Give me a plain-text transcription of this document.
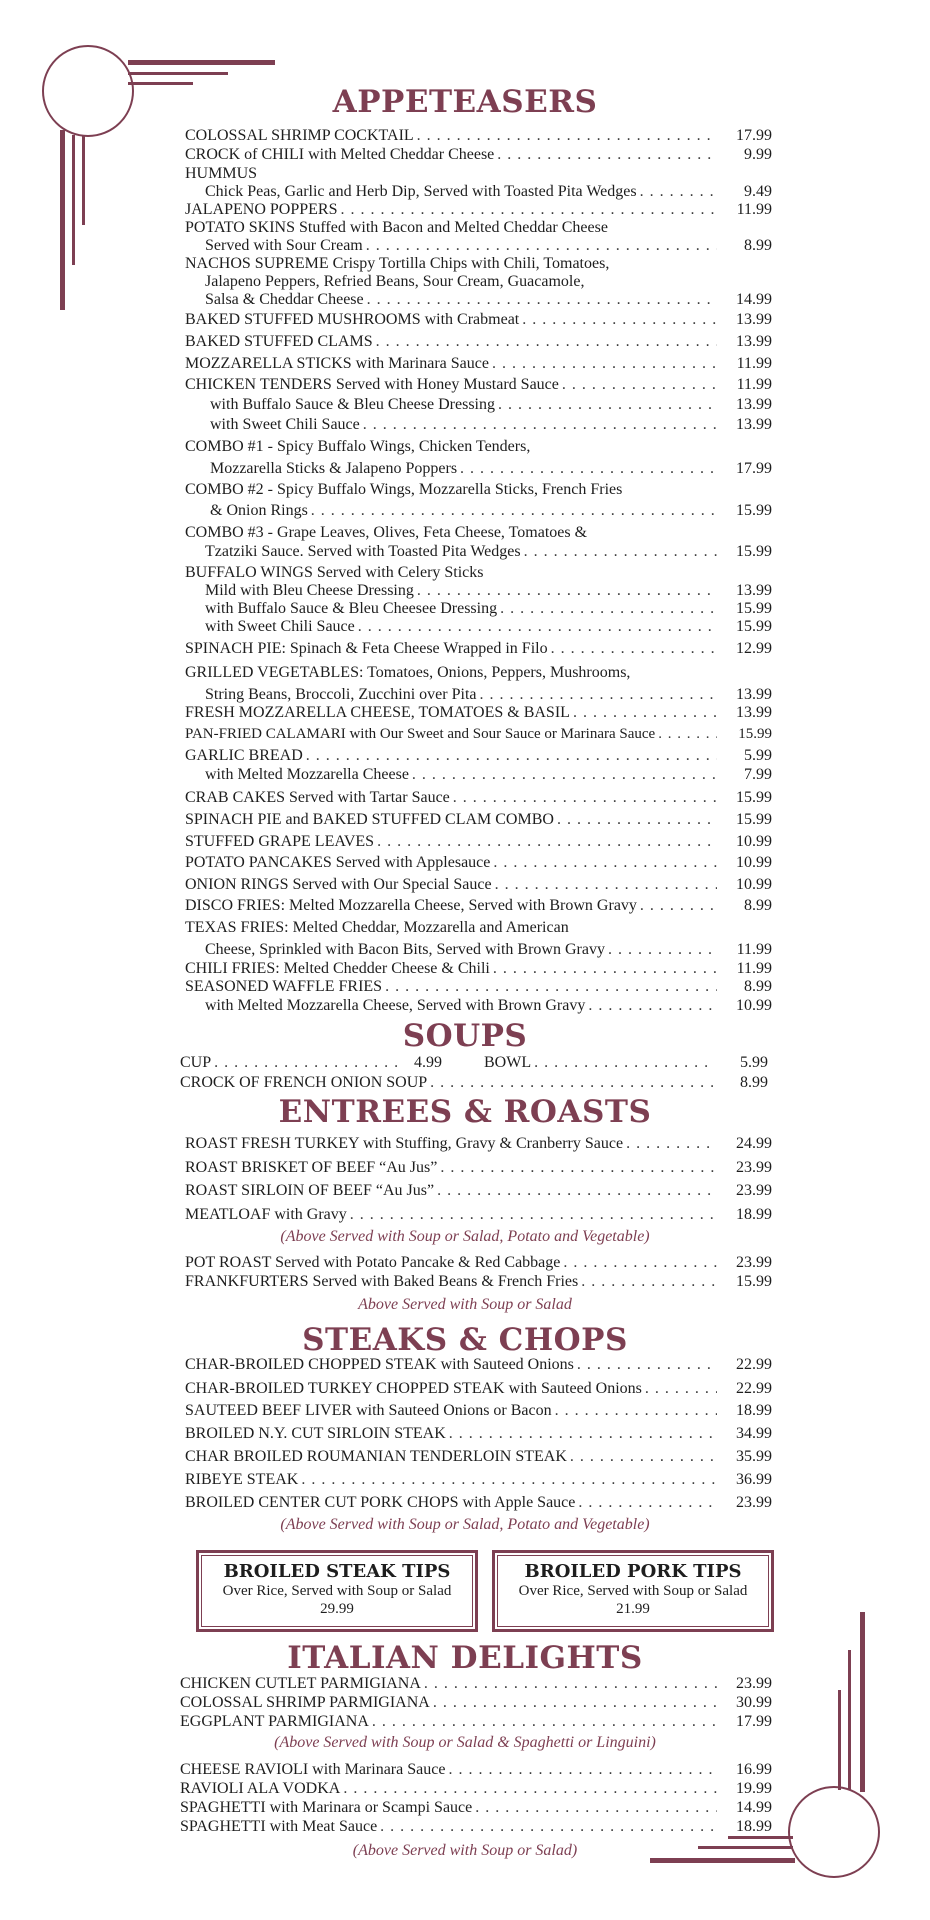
APPETEASERS
COLOSSAL SHRIMP COCKTAIL . . .	17.99
CROCK of CHILI with Melted Cheddar Cheese . . .	9.99
HUMMUS
Chick Peas, Garlic and Herb Dip, Served with Toasted Pita Wedges . . .	9.49
JALAPENO POPPERS . . .	11.99
POTATO SKINS Stuffed with Bacon and Melted Cheddar Cheese
Served with Sour Cream . . .	8.99
NACHOS SUPREME Crispy Tortilla Chips with Chili, Tomatoes,
Jalapeno Peppers, Refried Beans, Sour Cream, Guacamole,
Salsa & Cheddar Cheese . . .	14.99
BAKED STUFFED MUSHROOMS with Crabmeat . . .	13.99
BAKED STUFFED CLAMS . . .	13.99
MOZZARELLA STICKS with Marinara Sauce . . .	11.99
CHICKEN TENDERS Served with Honey Mustard Sauce . . .	11.99
with Buffalo Sauce & Bleu Cheese Dressing . . .	13.99
with Sweet Chili Sauce . . .	13.99
COMBO #1 - Spicy Buffalo Wings, Chicken Tenders,
Mozzarella Sticks & Jalapeno Poppers . . .	17.99
COMBO #2 - Spicy Buffalo Wings, Mozzarella Sticks, French Fries
& Onion Rings . . .	15.99
COMBO #3 - Grape Leaves, Olives, Feta Cheese, Tomatoes &
Tzatziki Sauce. Served with Toasted Pita Wedges . . .	15.99
BUFFALO WINGS Served with Celery Sticks
Mild with Bleu Cheese Dressing . . .	13.99
with Buffalo Sauce & Bleu Cheesee Dressing . . .	15.99
with Sweet Chili Sauce . . .	15.99
SPINACH PIE: Spinach & Feta Cheese Wrapped in Filo . . .	12.99
GRILLED VEGETABLES: Tomatoes, Onions, Peppers, Mushrooms,
String Beans, Broccoli, Zucchini over Pita . . .	13.99
FRESH MOZZARELLA CHEESE, TOMATOES & BASIL . . .	13.99
PAN-FRIED CALAMARI with Our Sweet and Sour Sauce or Marinara Sauce . . .	15.99
GARLIC BREAD . . .	5.99
with Melted Mozzarella Cheese . . .	7.99
CRAB CAKES Served with Tartar Sauce . . .	15.99
SPINACH PIE and BAKED STUFFED CLAM COMBO . . .	15.99
STUFFED GRAPE LEAVES . . .	10.99
POTATO PANCAKES Served with Applesauce . . .	10.99
ONION RINGS Served with Our Special Sauce . . .	10.99
DISCO FRIES: Melted Mozzarella Cheese, Served with Brown Gravy . . .	8.99
TEXAS FRIES: Melted Cheddar, Mozzarella and American
Cheese, Sprinkled with Bacon Bits, Served with Brown Gravy . . .	11.99
CHILI FRIES: Melted Chedder Cheese & Chili . . .	11.99
SEASONED WAFFLE FRIES . . .	8.99
with Melted Mozzarella Cheese, Served with Brown Gravy . . .	10.99
SOUPS
CUP . . .	4.99	BOWL . . .	5.99
CROCK OF FRENCH ONION SOUP . . .	8.99
ENTREES & ROASTS
ROAST FRESH TURKEY with Stuffing, Gravy & Cranberry Sauce . . .	24.99
ROAST BRISKET OF BEEF “Au Jus” . . .	23.99
ROAST SIRLOIN OF BEEF “Au Jus” . . .	23.99
MEATLOAF with Gravy . . .	18.99
POT ROAST Served with Potato Pancake & Red Cabbage . . .	23.99
FRANKFURTERS Served with Baked Beans & French Fries . . .	15.99
(Above Served with Soup or Salad, Potato and Vegetable)
Above Served with Soup or Salad
STEAKS & CHOPS
CHAR-BROILED CHOPPED STEAK with Sauteed Onions . . .	22.99
CHAR-BROILED TURKEY CHOPPED STEAK with Sauteed Onions . . .	22.99
SAUTEED BEEF LIVER with Sauteed Onions or Bacon . . .	18.99
BROILED N.Y. CUT SIRLOIN STEAK . . .	34.99
CHAR BROILED ROUMANIAN TENDERLOIN STEAK . . .	35.99
RIBEYE STEAK . . .	36.99
BROILED CENTER CUT PORK CHOPS with Apple Sauce . . .	23.99
(Above Served with Soup or Salad, Potato and Vegetable)
BROILED STEAK TIPS
Over Rice, Served with Soup or Salad
29.99
BROILED PORK TIPS
Over Rice, Served with Soup or Salad
21.99
ITALIAN DELIGHTS
CHICKEN CUTLET PARMIGIANA . . .	23.99
COLOSSAL SHRIMP PARMIGIANA . . .	30.99
EGGPLANT PARMIGIANA . . .	17.99
CHEESE RAVIOLI with Marinara Sauce . . .	16.99
RAVIOLI ALA VODKA . . .	19.99
SPAGHETTI with Marinara or Scampi Sauce . . .	14.99
SPAGHETTI with Meat Sauce . . .	18.99
(Above Served with Soup or Salad & Spaghetti or Linguini)
(Above Served with Soup or Salad)
